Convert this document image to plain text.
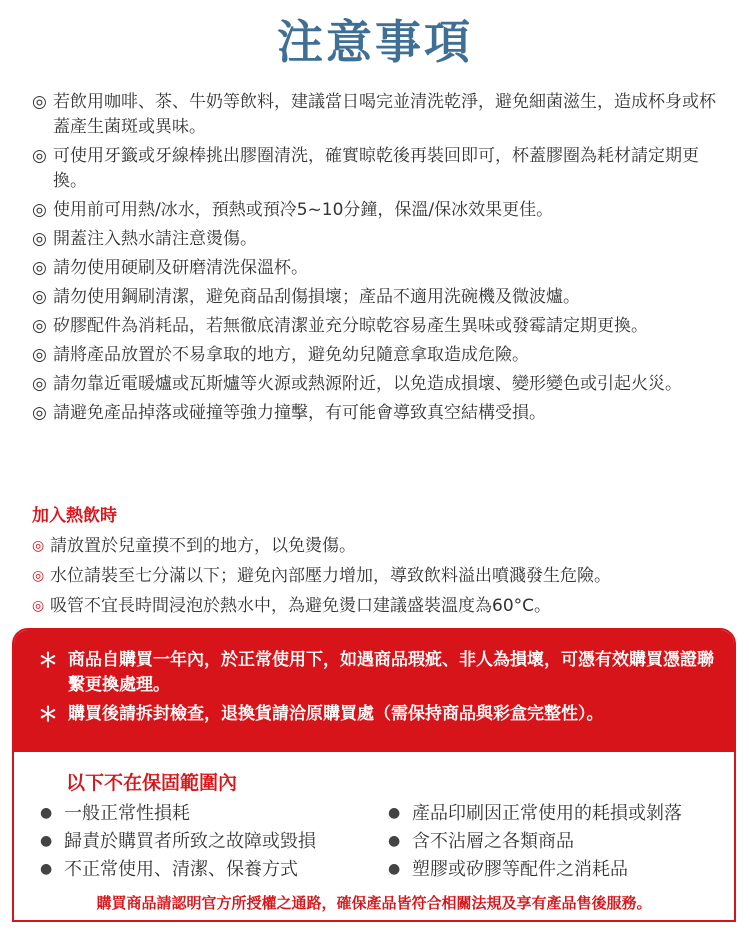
注意事項
◎ 若飲用咖啡、茶、牛奶等飲料，建議當日喝完並清洗乾淨，避免細菌滋生，造成杯身或杯蓋產生菌斑或異味。
◎ 可使用牙籤或牙線棒挑出膠圈清洗，確實晾乾後再裝回即可，杯蓋膠圈為耗材請定期更換。
◎ 使用前可用熱/冰水，預熱或預冷5~10分鐘，保溫/保冰效果更佳。
◎ 開蓋注入熱水請注意燙傷。
◎ 請勿使用硬刷及研磨清洗保溫杯。
◎ 請勿使用鋼刷清潔，避免商品刮傷損壞；產品不適用洗碗機及微波爐。
◎ 矽膠配件為消耗品，若無徹底清潔並充分晾乾容易產生異味或發霉請定期更換。
◎ 請將產品放置於不易拿取的地方，避免幼兒隨意拿取造成危險。
◎ 請勿靠近電暖爐或瓦斯爐等火源或熱源附近，以免造成損壞、變形變色或引起火災。
◎ 請避免產品掉落或碰撞等強力撞擊，有可能會導致真空結構受損。
加入熱飲時
◎ 請放置於兒童摸不到的地方，以免燙傷。
◎ 水位請裝至七分滿以下；避免內部壓力增加，導致飲料溢出噴濺發生危險。
◎ 吸管不宜長時間浸泡於熱水中，為避免燙口建議盛裝溫度為60°C。
＊ 商品自購買一年內，於正常使用下，如遇商品瑕疵、非人為損壞，可憑有效購買憑證聯繫更換處理。
＊ 購買後請拆封檢查，退換貨請洽原購買處（需保持商品與彩盒完整性）。
以下不在保固範圍內
● 一般正常性損耗
● 歸責於購買者所致之故障或毀損
● 不正常使用、清潔、保養方式
● 產品印刷因正常使用的耗損或剝落
● 含不沾層之各類商品
● 塑膠或矽膠等配件之消耗品
購買商品請認明官方所授權之通路，確保產品皆符合相關法規及享有產品售後服務。
